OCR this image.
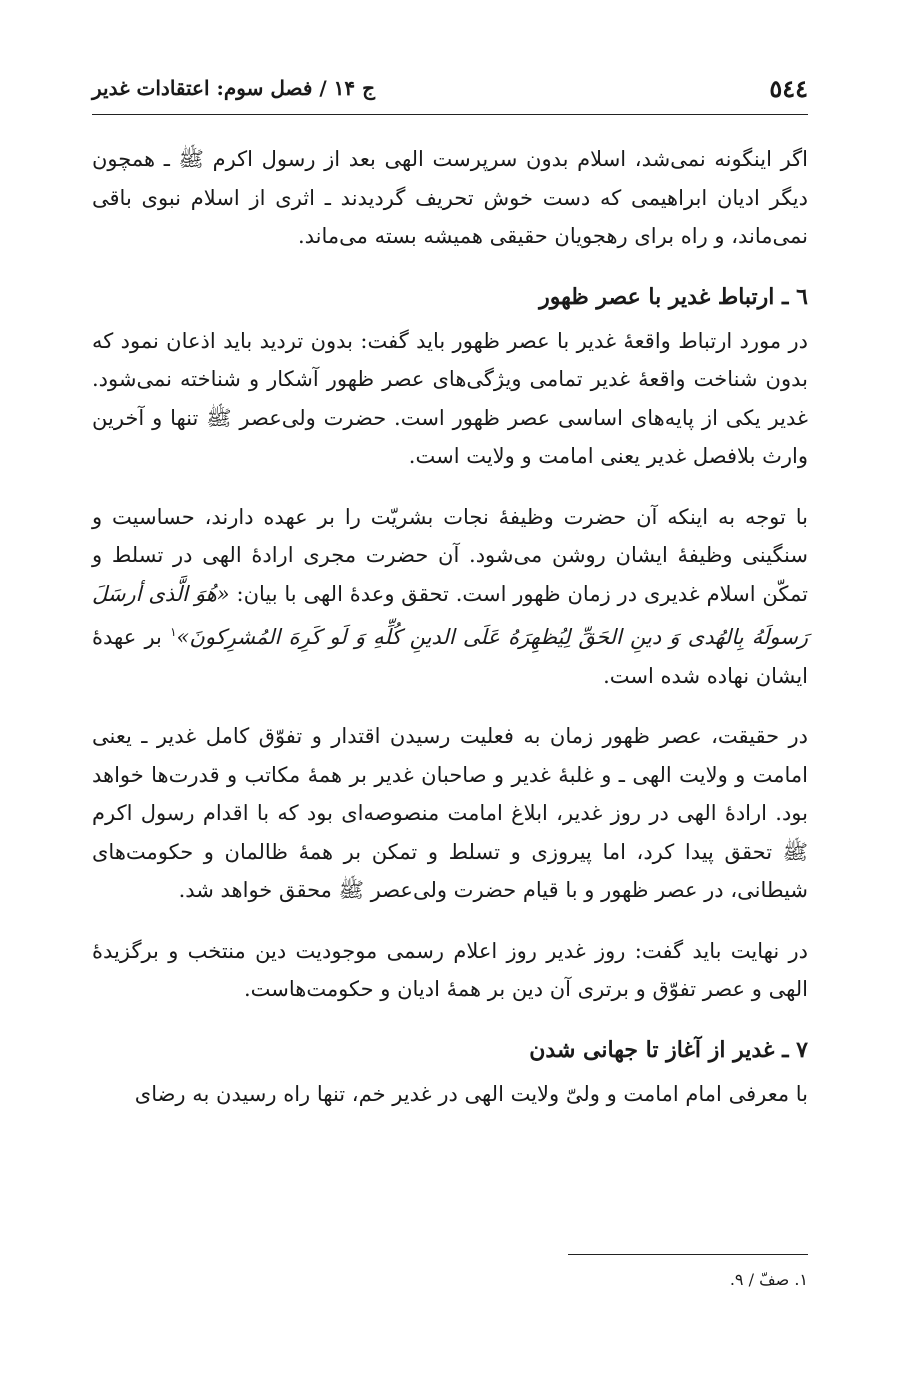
٥٤٤
ج ۱۴ / فصل سوم: اعتقادات غدیر

اگر اینگونه نمی‌شد، اسلام بدون سرپرست الهی بعد از رسول اکرم ﷺ ـ همچون دیگر ادیان ابراهیمی که دست خوش تحریف گردیدند ـ اثری از اسلام نبوی باقی نمی‌ماند، و راه برای رهجویان حقیقی همیشه بسته می‌ماند.

٦ ـ ارتباط غدیر با عصر ظهور

در مورد ارتباط واقعهٔ غدیر با عصر ظهور باید گفت: بدون تردید باید اذعان نمود که بدون شناخت واقعهٔ غدیر تمامی ویژگی‌های عصر ظهور آشکار و شناخته نمی‌شود. غدیر یکی از پایه‌های اساسی عصر ظهور است. حضرت ولی‌عصر ﷺ تنها و آخرین وارث بلافصل غدیر یعنی امامت و ولایت است.

با توجه به اینکه آن حضرت وظیفهٔ نجات بشریّت را بر عهده دارند، حساسیت و سنگینی وظیفهٔ ایشان روشن می‌شود. آن حضرت مجری ارادهٔ الهی در تسلط و تمکّن اسلام غدیری در زمان ظهور است. تحقق وعدهٔ الهی با بیان: «هُوَ الَّذی أرسَلَ رَسولَهُ بِالهُدی وَ دینِ الحَقِّ لِیُظهِرَهُ عَلَی الدینِ کُلِّهِ وَ لَو کَرِهَ المُشرِکونَ»$^۱$ بر عهدهٔ ایشان نهاده شده است.

در حقیقت، عصر ظهور زمان به فعلیت رسیدن اقتدار و تفوّق کامل غدیر ـ یعنی امامت و ولایت الهی ـ و غلبهٔ غدیر و صاحبان غدیر بر همهٔ مکاتب و قدرت‌ها خواهد بود. ارادهٔ الهی در روز غدیر، ابلاغ امامت منصوصه‌ای بود که با اقدام رسول اکرم ﷺ تحقق پیدا کرد، اما پیروزی و تسلط و تمکن بر همهٔ ظالمان و حکومت‌های شیطانی، در عصر ظهور و با قیام حضرت ولی‌عصر ﷺ محقق خواهد شد.

در نهایت باید گفت: روز غدیر روز اعلام رسمی موجودیت دین منتخب و برگزیدهٔ الهی و عصر تفوّق و برتری آن دین بر همهٔ ادیان و حکومت‌هاست.

۷ ـ غدیر از آغاز تا جهانی شدن

با معرفی امام امامت و ولیّ ولایت الهی در غدیر خم، تنها راه رسیدن به رضای

۱. صفّ / ۹.
